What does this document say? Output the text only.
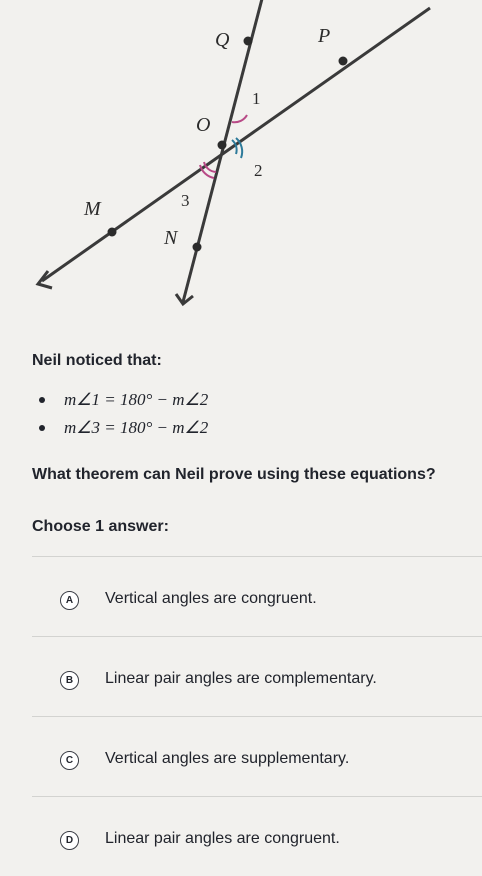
Q	P
O
M
N
1
2
3
Neil noticed that:
m∠1 = 180° − m∠2
m∠3 = 180° − m∠2
What theorem can Neil prove using these equations?
Choose 1 answer:
A	Vertical angles are congruent.
B	Linear pair angles are complementary.
C	Vertical angles are supplementary.
D	Linear pair angles are congruent.
